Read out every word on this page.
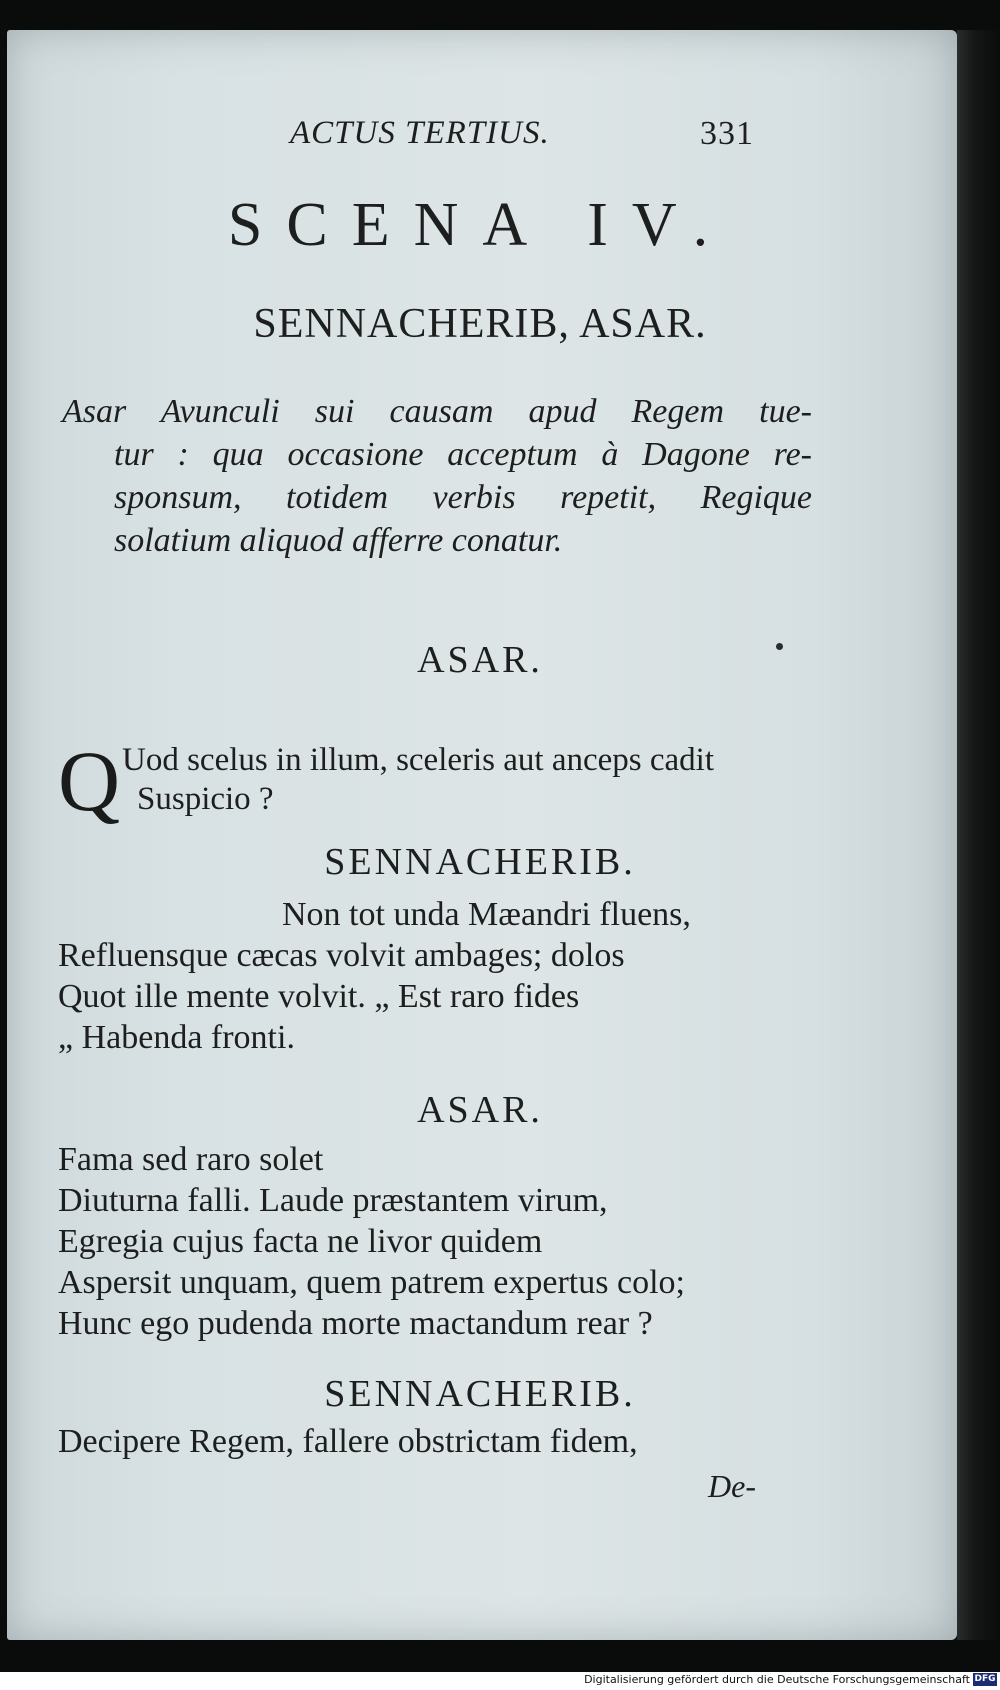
ACTUS TERTIUS.	331
SCENA IV.
SENNACHERIB, ASAR.
Asar Avunculi sui causam apud Regem tue-
tur : qua occasione acceptum à Dagone re-
sponsum, totidem verbis repetit, Regique
solatium aliquod afferre conatur.
ASAR.
Q Uod scelus in illum, sceleris aut anceps cadit
Suspicio ?
SENNACHERIB.
Non tot unda Mæandri fluens,
Refluensque cæcas volvit ambages; dolos
Quot ille mente volvit. „ Est raro fides
„ Habenda fronti.
ASAR.
Fama sed raro solet
Diuturna falli. Laude præstantem virum,
Egregia cujus facta ne livor quidem
Aspersit unquam, quem patrem expertus colo;
Hunc ego pudenda morte mactandum rear ?
SENNACHERIB.
Decipere Regem, fallere obstrictam fidem,
De-
Digitalisierung gefördert durch die Deutsche Forschungsgemeinschaft DFG
